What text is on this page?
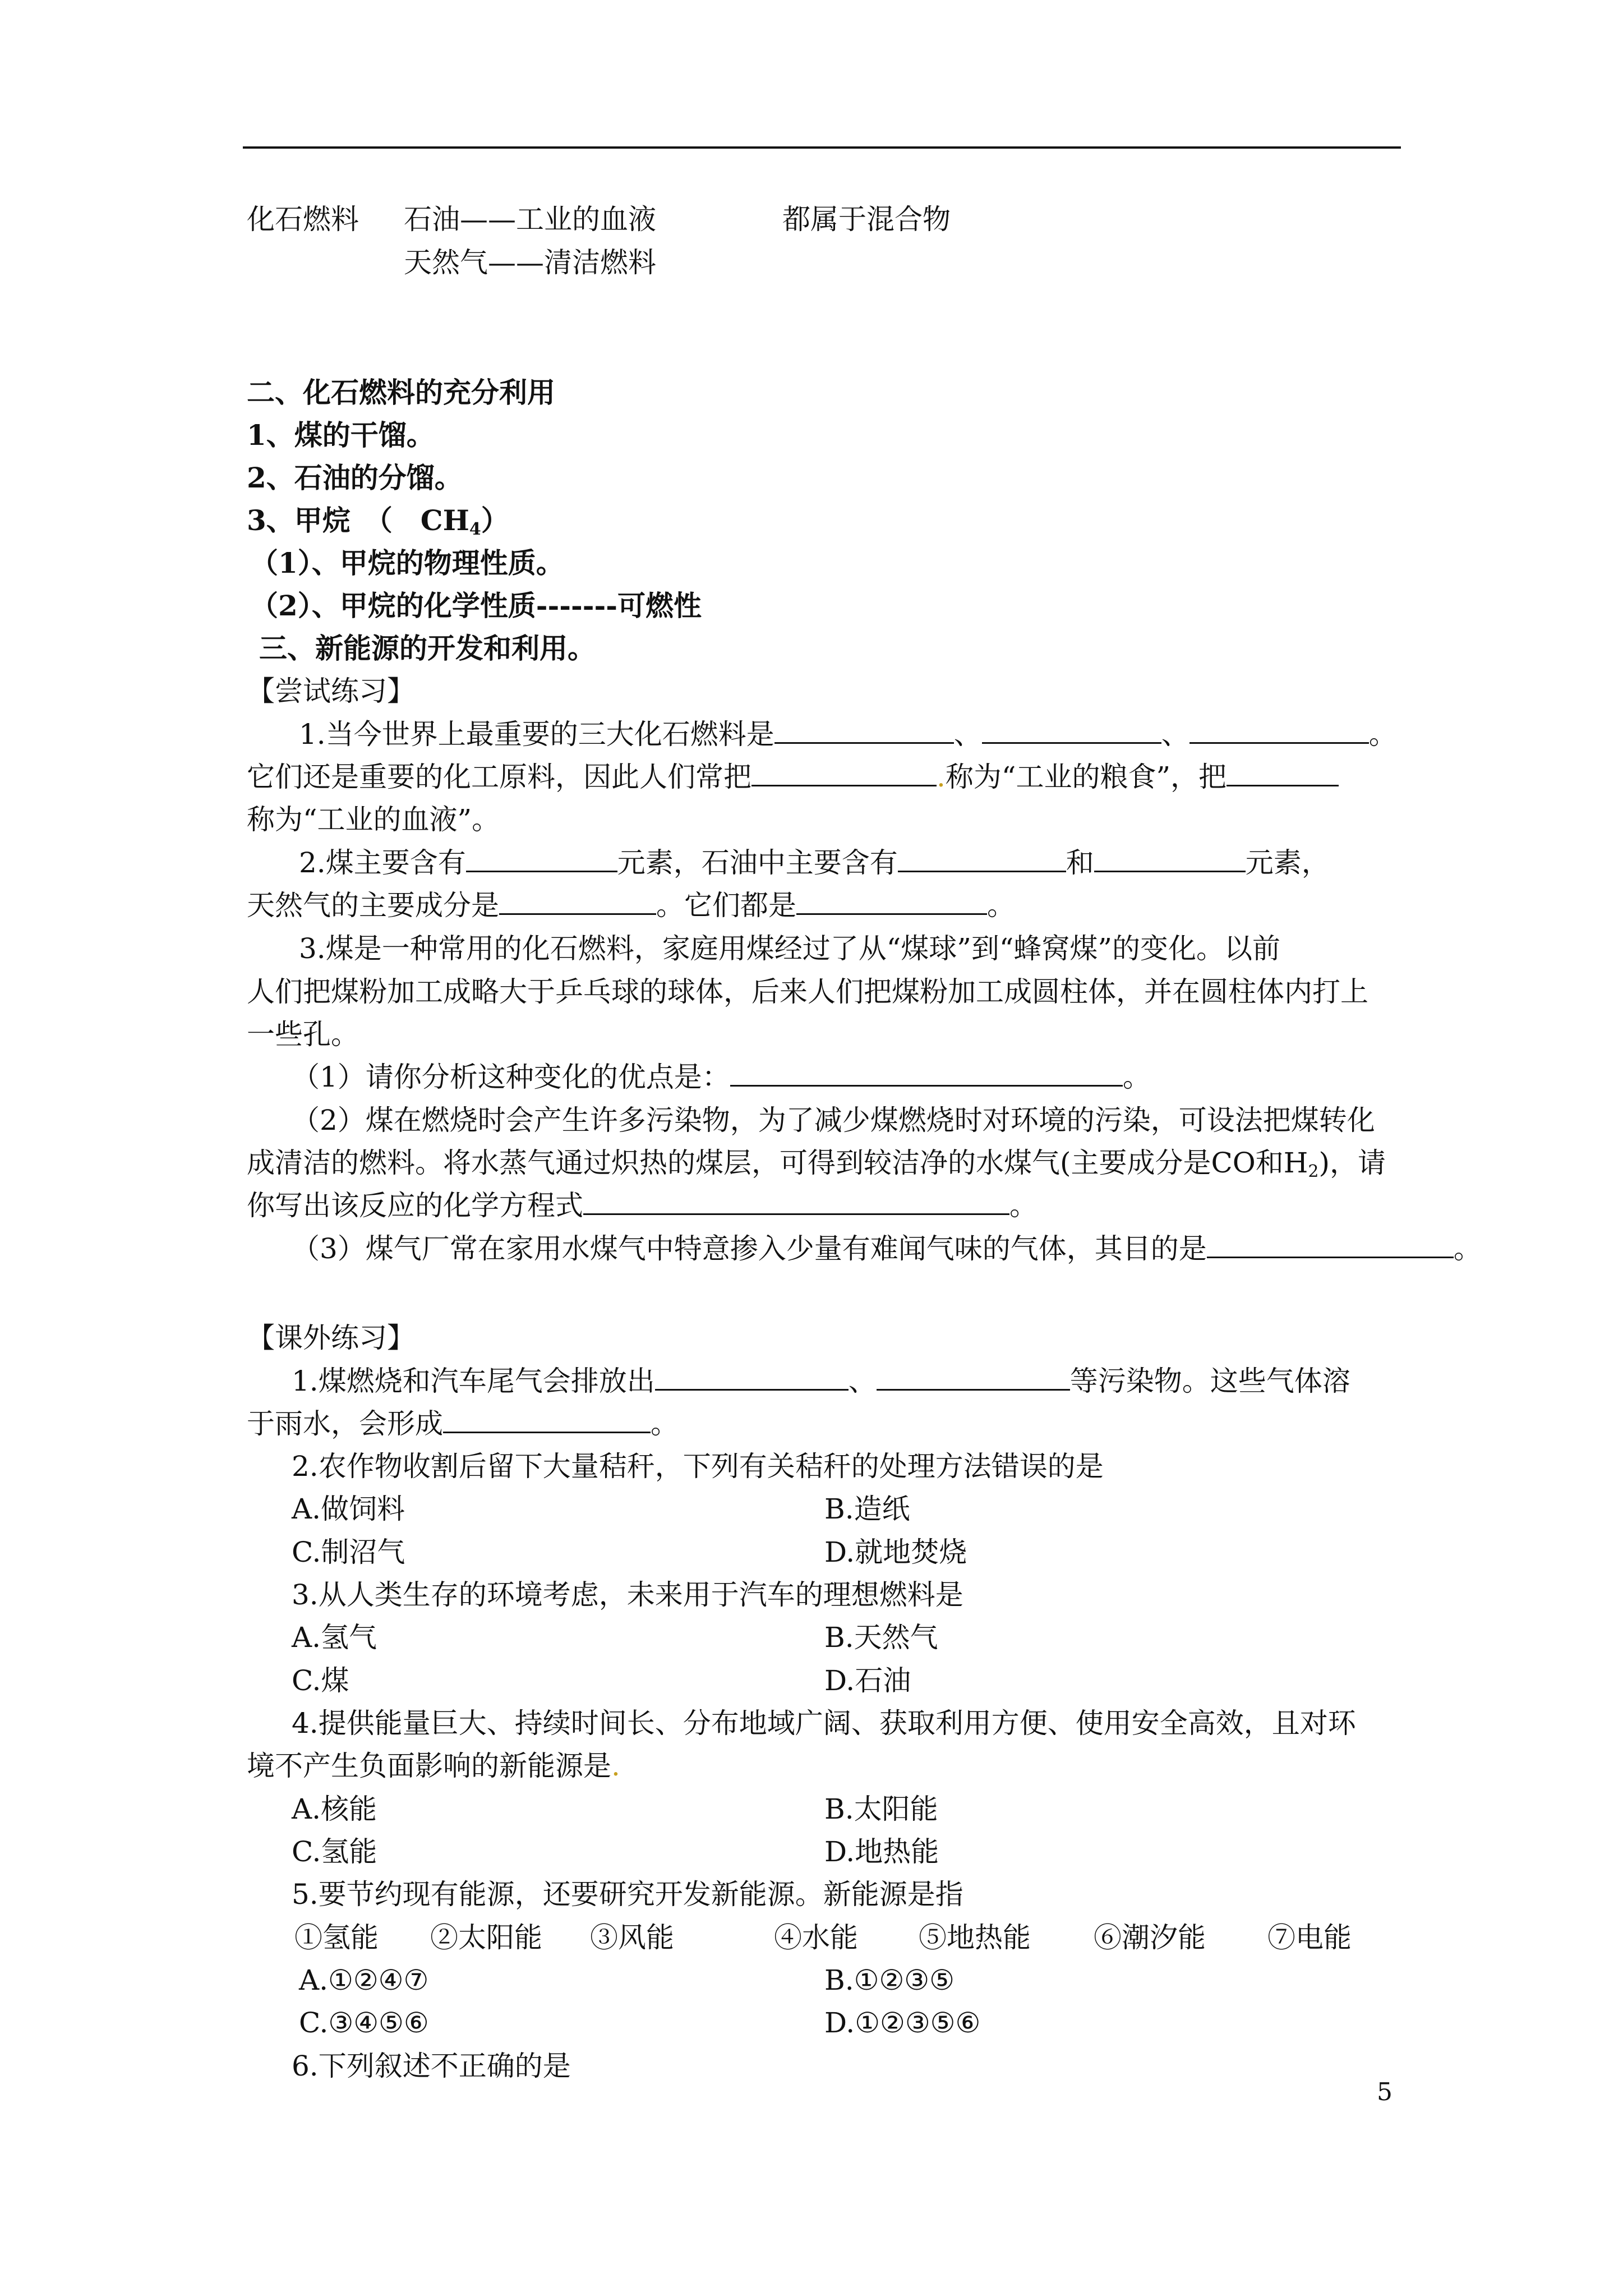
化石燃料 石油——工业的血液	都属于混合物
天然气——清洁燃料
二、化石燃料的充分利用
1、煤的干馏。
2、石油的分馏。
3、甲烷　（　$CH_4$）
（1）、甲烷的物理性质。
（2）、甲烷的化学性质-------可燃性
三、新能源的开发和利用。
【尝试练习】
1.当今世界上最重要的三大化石燃料是	、	、	。
它们还是重要的化工原料，因此人们常把	.称为“工业的粮食”，把
称为“工业的血液”。
2.煤主要含有	元素，石油中主要含有	和	元素，
天然气的主要成分是	。它们都是	。
3.煤是一种常用的化石燃料，家庭用煤经过了从“煤球”到“蜂窝煤”的变化。以前
人们把煤粉加工成略大于乒乓球的球体，后来人们把煤粉加工成圆柱体，并在圆柱体内打上
一些孔。
（1）请你分析这种变化的优点是：	。
（2）煤在燃烧时会产生许多污染物，为了减少煤燃烧时对环境的污染，可设法把煤转化
成清洁的燃料。将水蒸气通过炽热的煤层，可得到较洁净的水煤气(主要成分是CO和$H_2$)，请
你写出该反应的化学方程式	。
（3）煤气厂常在家用水煤气中特意掺入少量有难闻气味的气体，其目的是	。
【课外练习】
1.煤燃烧和汽车尾气会排放出	、	等污染物。这些气体溶
于雨水，会形成	。
2.农作物收割后留下大量秸秆，下列有关秸秆的处理方法错误的是
A.做饲料	B.造纸
C.制沼气	D.就地焚烧
3.从人类生存的环境考虑，未来用于汽车的理想燃料是
A.氢气	B.天然气
C.煤	D.石油
4.提供能量巨大、持续时间长、分布地域广阔、获取利用方便、使用安全高效，且对环
境不产生负面影响的新能源是.
A.核能	B.太阳能
C.氢能	D.地热能
5.要节约现有能源，还要研究开发新能源。新能源是指
①氢能 ②太阳能 ③风能	④水能 ⑤地热能 ⑥潮汐能 ⑦电能
A.①②④⑦	B.①②③⑤
C.③④⑤⑥	D.①②③⑤⑥
6.下列叙述不正确的是
5
